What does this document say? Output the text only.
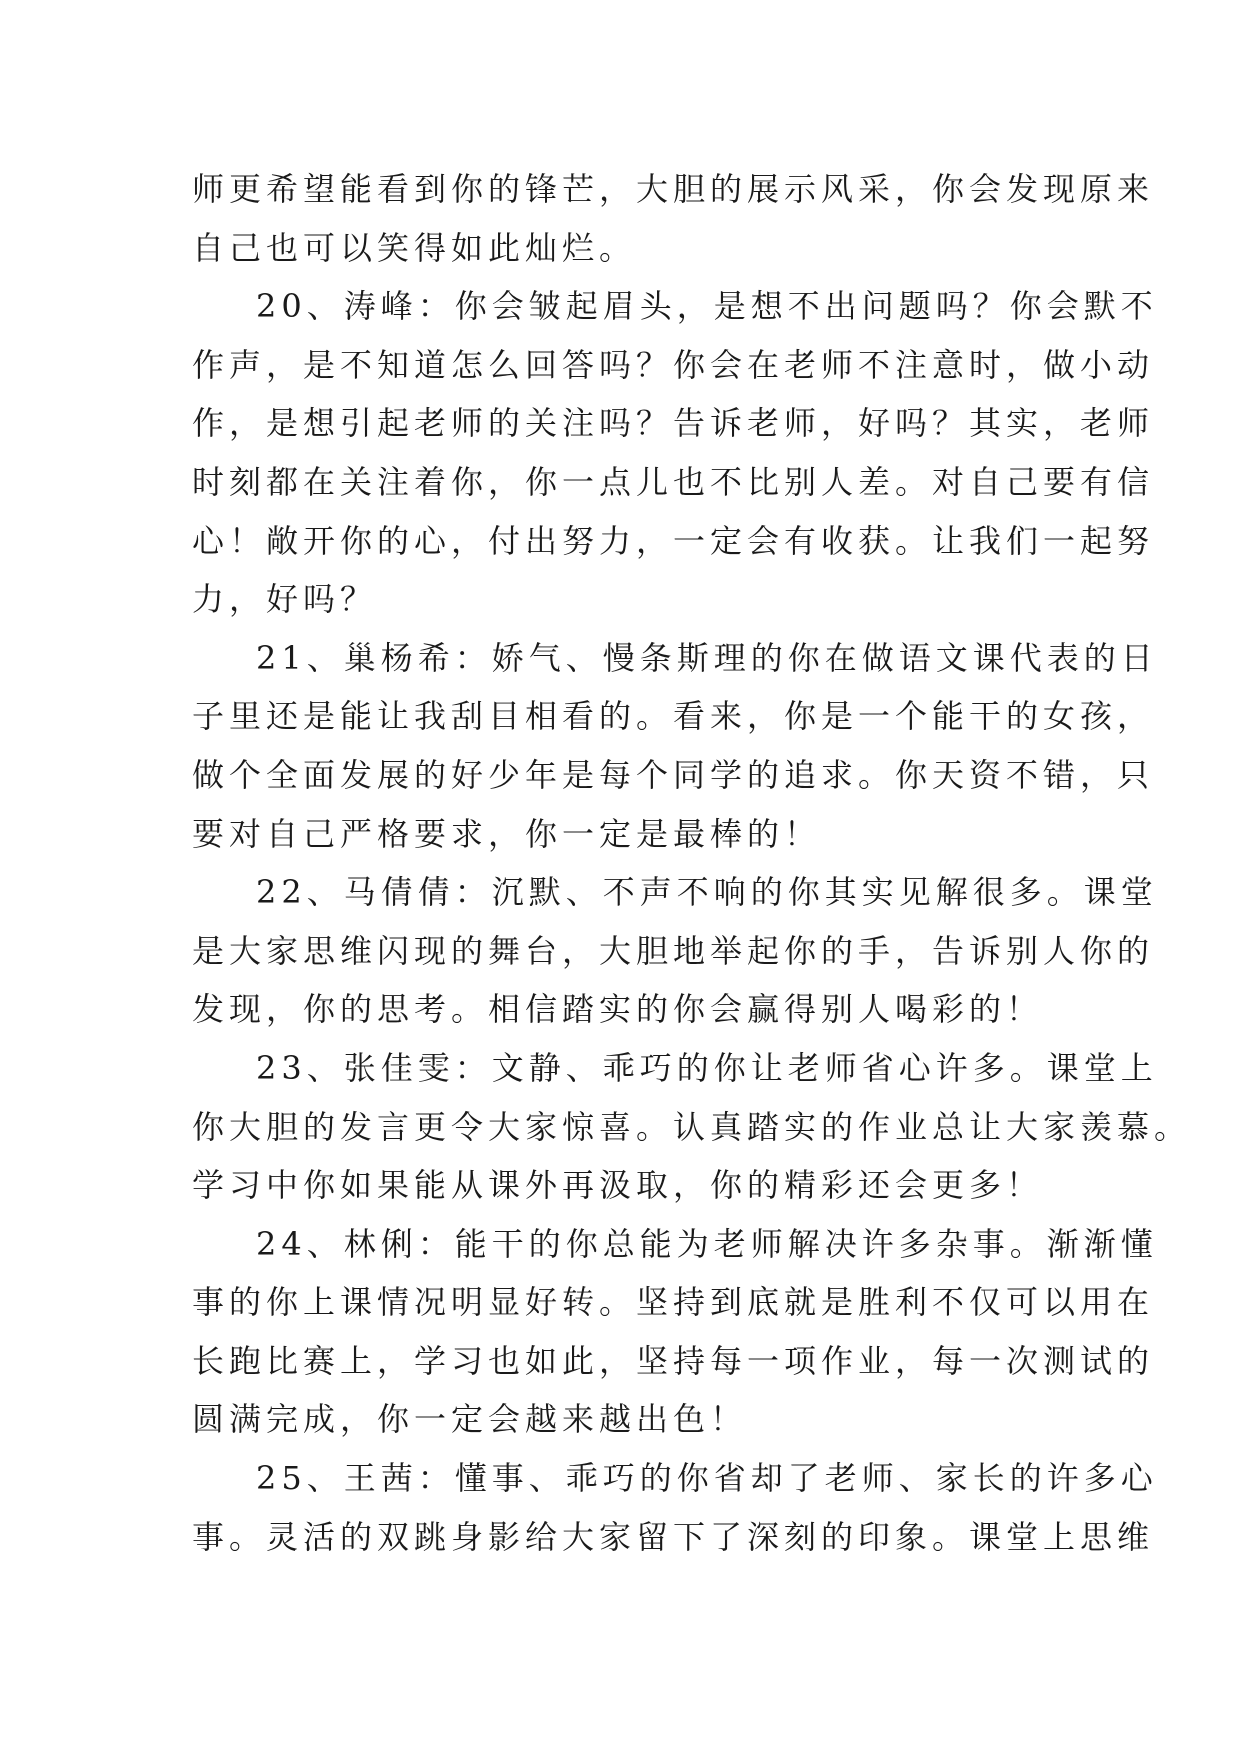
师更希望能看到你的锋芒，大胆的展示风采，你会发现原来
自己也可以笑得如此灿烂。
20、涛峰：你会皱起眉头，是想不出问题吗？你会默不
作声，是不知道怎么回答吗？你会在老师不注意时，做小动
作，是想引起老师的关注吗？告诉老师，好吗？其实，老师
时刻都在关注着你，你一点儿也不比别人差。对自己要有信
心！敞开你的心，付出努力，一定会有收获。让我们一起努
力，好吗？
21、巢杨希：娇气、慢条斯理的你在做语文课代表的日
子里还是能让我刮目相看的。看来，你是一个能干的女孩，
做个全面发展的好少年是每个同学的追求。你天资不错，只
要对自己严格要求，你一定是最棒的！
22、马倩倩：沉默、不声不响的你其实见解很多。课堂
是大家思维闪现的舞台，大胆地举起你的手，告诉别人你的
发现，你的思考。相信踏实的你会赢得别人喝彩的！
23、张佳雯：文静、乖巧的你让老师省心许多。课堂上
你大胆的发言更令大家惊喜。认真踏实的作业总让大家羡慕。
学习中你如果能从课外再汲取，你的精彩还会更多！
24、林俐：能干的你总能为老师解决许多杂事。渐渐懂
事的你上课情况明显好转。坚持到底就是胜利不仅可以用在
长跑比赛上，学习也如此，坚持每一项作业，每一次测试的
圆满完成，你一定会越来越出色！
25、王茜：懂事、乖巧的你省却了老师、家长的许多心
事。灵活的双跳身影给大家留下了深刻的印象。课堂上思维
